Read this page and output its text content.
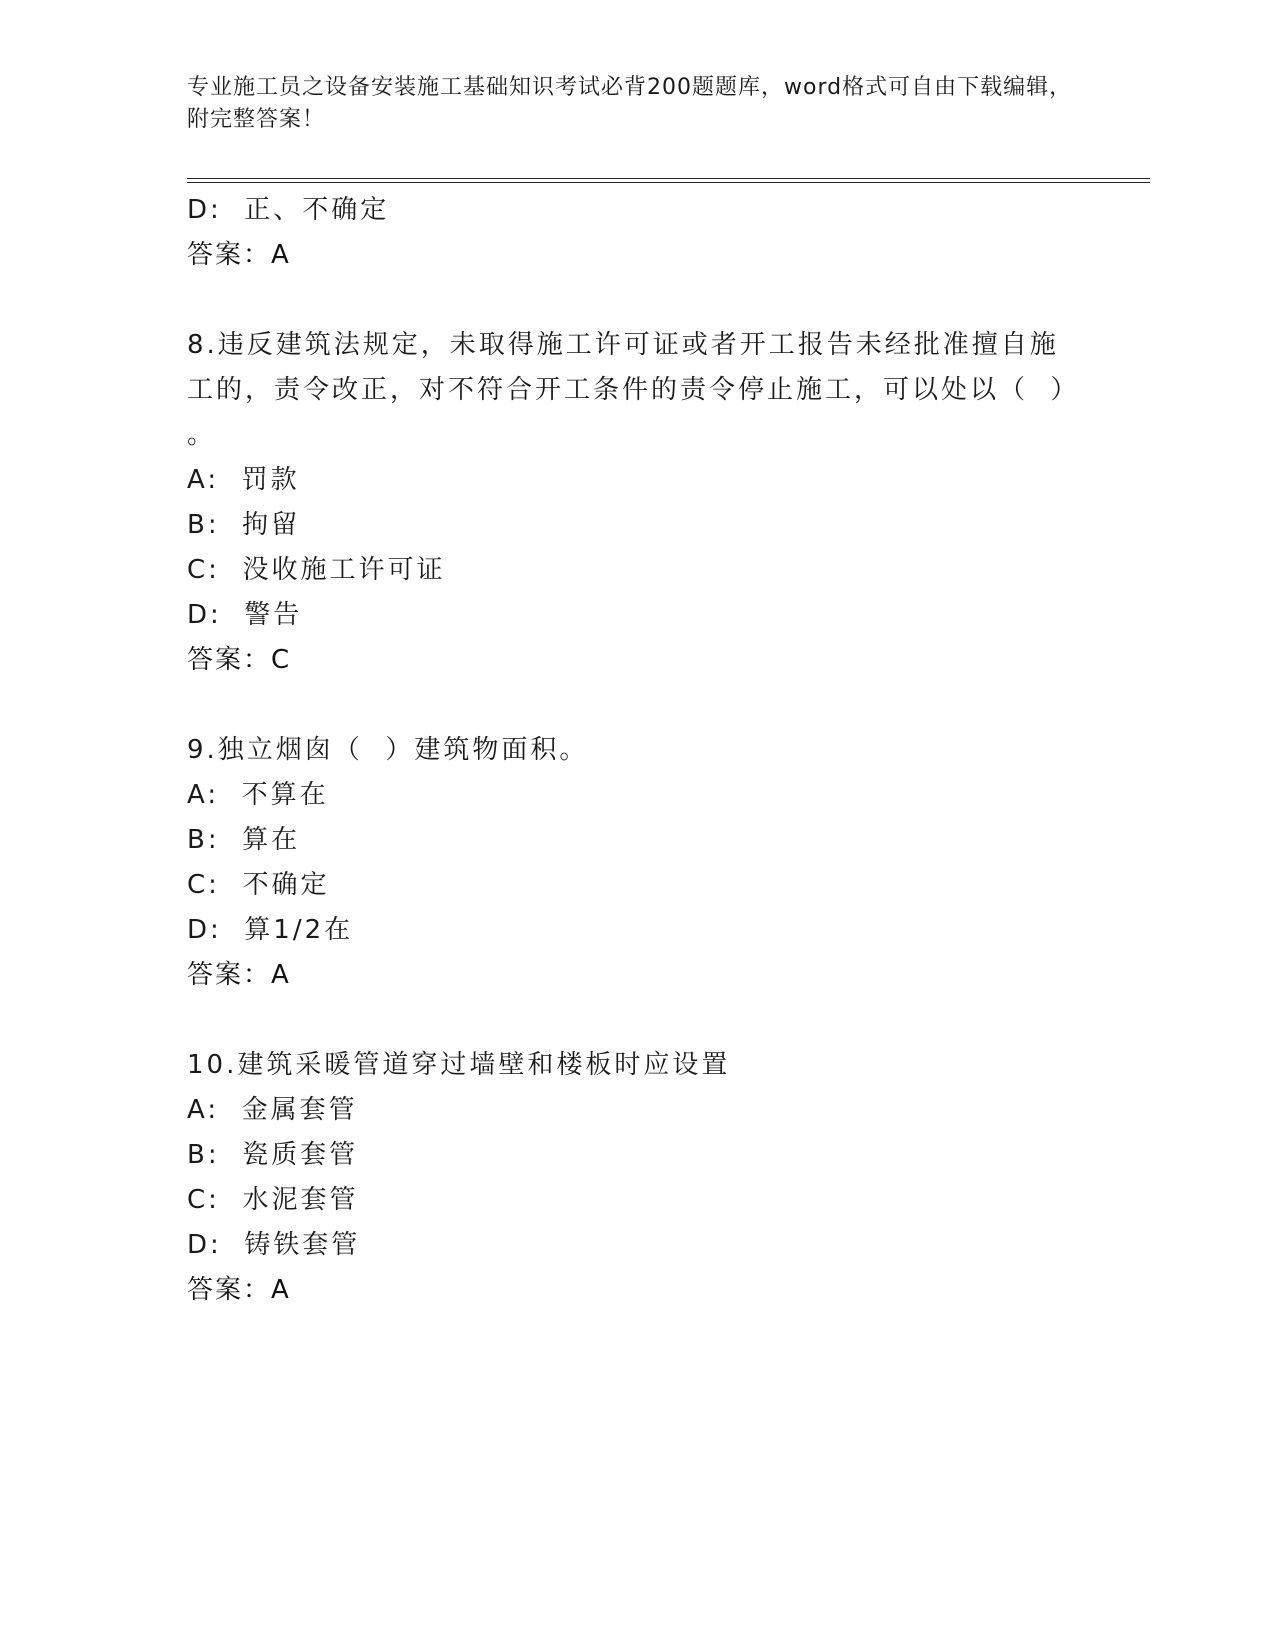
专业施工员之设备安装施工基础知识考试必背200题题库，word格式可自由下载编辑，附完整答案！
D:  正、不确定
答案：A
8.违反建筑法规定，未取得施工许可证或者开工报告未经批准擅自施
工的，责令改正，对不符合开工条件的责令停止施工，可以处以（  ）
。
A:  罚款
B:  拘留
C:  没收施工许可证
D:  警告
答案：C
9.独立烟囱（  ）建筑物面积。
A:  不算在
B:  算在
C:  不确定
D:  算1/2在
答案：A
10.建筑采暖管道穿过墙壁和楼板时应设置
A:  金属套管
B:  瓷质套管
C:  水泥套管
D:  铸铁套管
答案：A
